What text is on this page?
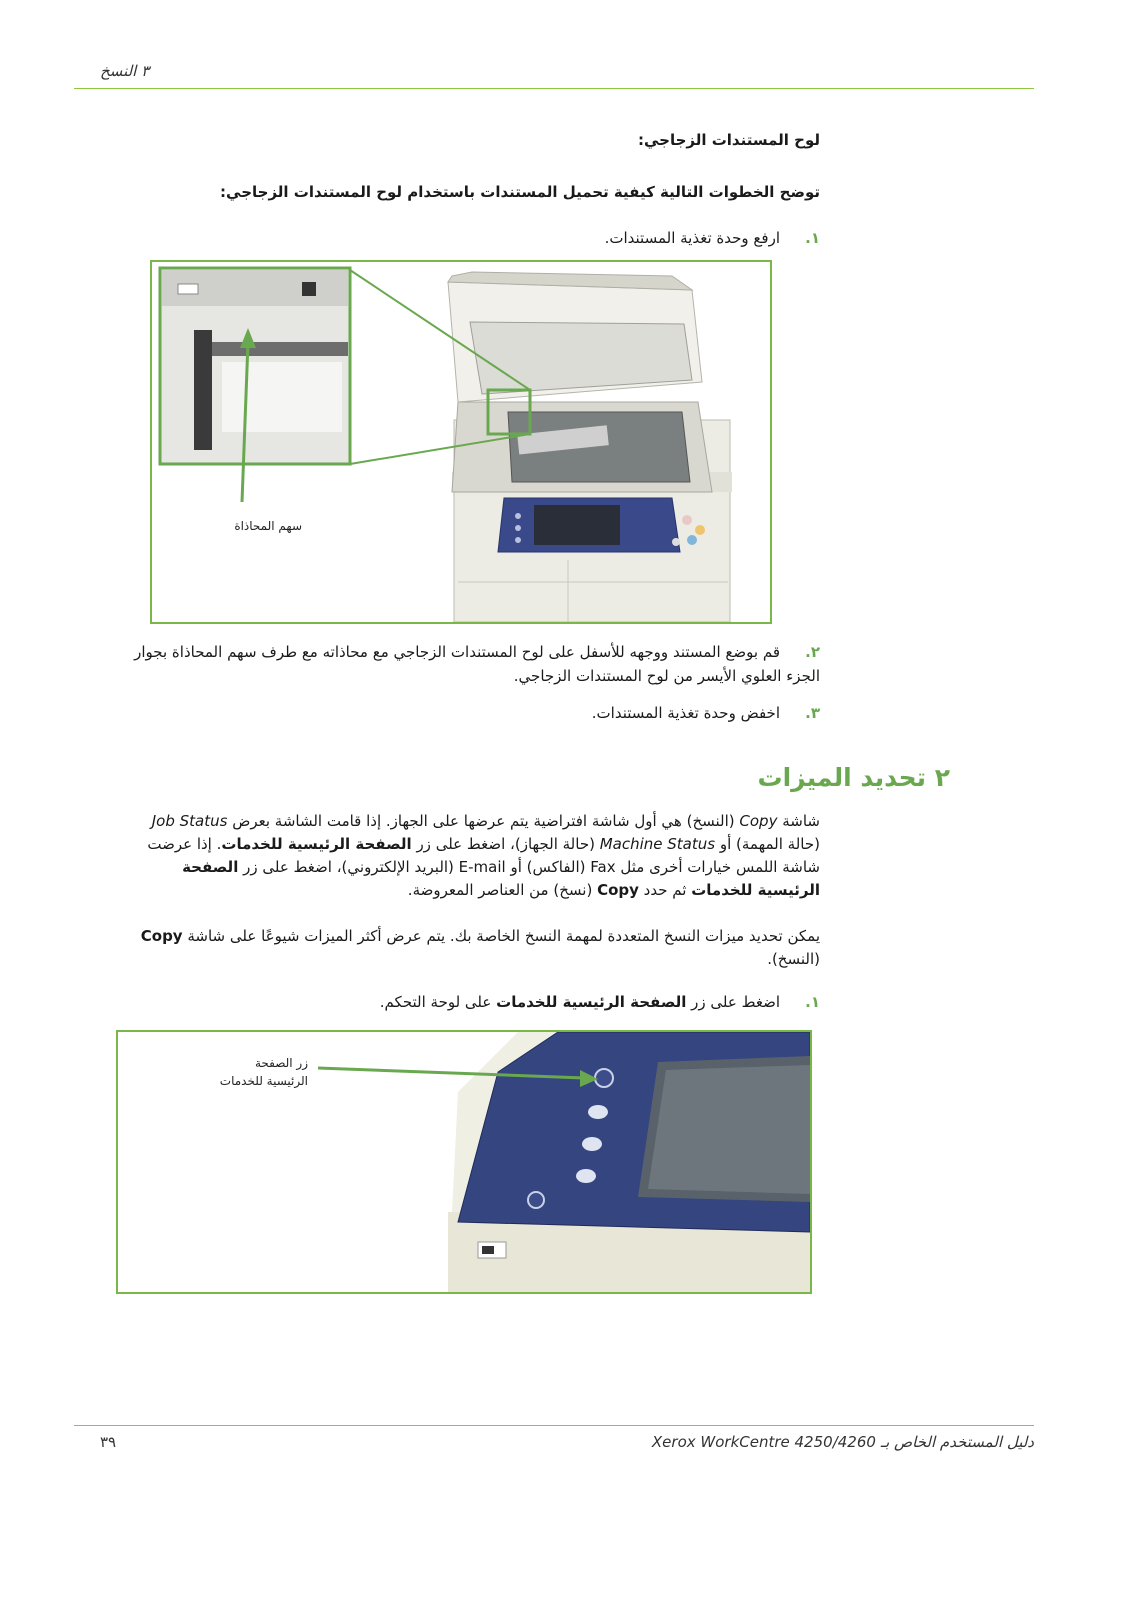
٣ النسخ
لوح المستندات الزجاجي:
توضح الخطوات التالية كيفية تحميل المستندات باستخدام لوح المستندات الزجاجي:
١.ارفع وحدة تغذية المستندات.
سهم المحاذاة
٢.قم بوضع المستند ووجهه للأسفل على لوح المستندات الزجاجي مع محاذاته مع طرف سهم المحاذاة بجوار الجزء العلوي الأيسر من لوح المستندات الزجاجي.
٣.اخفض وحدة تغذية المستندات.
٢ تحديد الميزات
شاشة Copy (النسخ) هي أول شاشة افتراضية يتم عرضها على الجهاز. إذا قامت الشاشة بعرض Job Status (حالة المهمة) أو Machine Status (حالة الجهاز)، اضغط على زر الصفحة الرئيسية للخدمات. إذا عرضت شاشة اللمس خيارات أخرى مثل Fax (الفاكس) أو E-mail (البريد الإلكتروني)، اضغط على زر الصفحة الرئيسية للخدمات ثم حدد Copy (نسخ) من العناصر المعروضة.
يمكن تحديد ميزات النسخ المتعددة لمهمة النسخ الخاصة بك. يتم عرض أكثر الميزات شيوعًا على شاشة Copy (النسخ).
١.اضغط على زر الصفحة الرئيسية للخدمات على لوحة التحكم.
زر الصفحة
الرئيسية للخدمات
٣٩	دليل المستخدم الخاص بـ Xerox WorkCentre 4250/4260
